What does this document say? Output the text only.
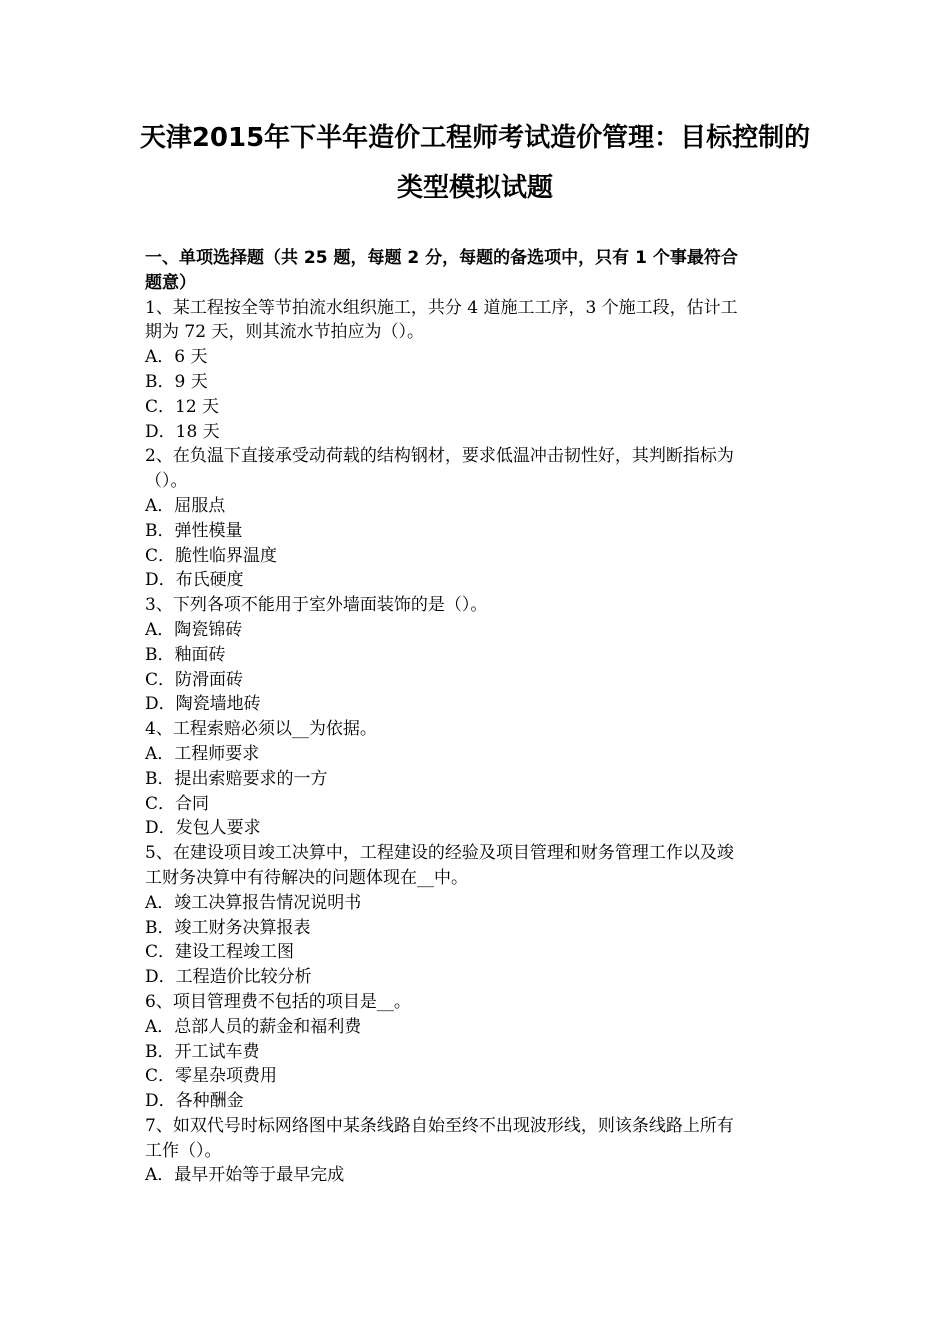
天津2015年下半年造价工程师考试造价管理：目标控制的
类型模拟试题
一、单项选择题（共 25 题，每题 2 分，每题的备选项中，只有 1 个事最符合
题意）
1、某工程按全等节拍流水组织施工，共分 4 道施工工序，3 个施工段，估计工
期为 72 天，则其流水节拍应为（）。
A．6 天
B．9 天
C．12 天
D．18 天
2、在负温下直接承受动荷载的结构钢材，要求低温冲击韧性好，其判断指标为
（）。
A．屈服点
B．弹性模量
C．脆性临界温度
D．布氏硬度
3、下列各项不能用于室外墙面装饰的是（）。
A．陶瓷锦砖
B．釉面砖
C．防滑面砖
D．陶瓷墙地砖
4、工程索赔必须以__为依据。
A．工程师要求
B．提出索赔要求的一方
C．合同
D．发包人要求
5、在建设项目竣工决算中，工程建设的经验及项目管理和财务管理工作以及竣
工财务决算中有待解决的问题体现在__中。
A．竣工决算报告情况说明书
B．竣工财务决算报表
C．建设工程竣工图
D．工程造价比较分析
6、项目管理费不包括的项目是__。
A．总部人员的薪金和福利费
B．开工试车费
C．零星杂项费用
D．各种酬金
7、如双代号时标网络图中某条线路自始至终不出现波形线，则该条线路上所有
工作（）。
A．最早开始等于最早完成
